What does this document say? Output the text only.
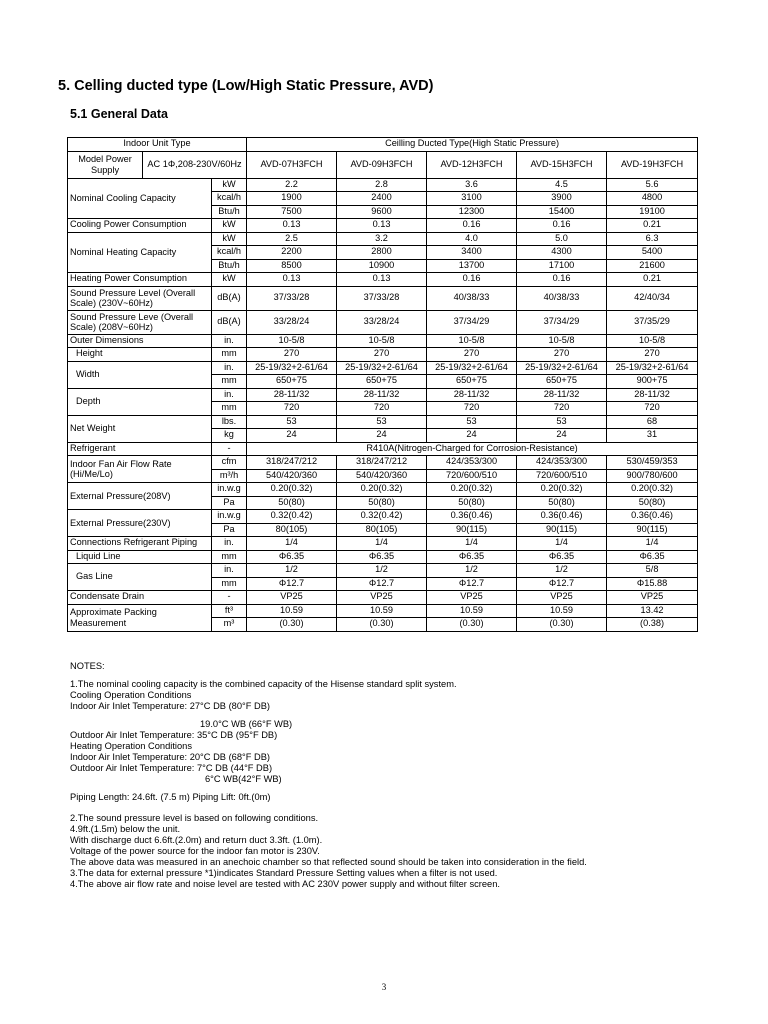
5. Celling ducted type (Low/High Static Pressure, AVD)
5.1 General Data
Indoor Unit Type			Ceilling Ducted Type(High Static Pressure)				
Model Power Supply	AC 1Φ,208-230V/60Hz		AVD-07H3FCH	AVD-09H3FCH	AVD-12H3FCH	AVD-15H3FCH	AVD-19H3FCH
Nominal Cooling Capacity		kW	2.2	2.8	3.6	4.5	5.6
		kcal/h	1900	2400	3100	3900	4800
		Btu/h	7500	9600	12300	15400	19100
Cooling Power Consumption		kW	0.13	0.13	0.16	0.16	0.21
Nominal Heating Capacity		kW	2.5	3.2	4.0	5.0	6.3
		kcal/h	2200	2800	3400	4300	5400
		Btu/h	8500	10900	13700	17100	21600
Heating Power Consumption		kW	0.13	0.13	0.16	0.16	0.21
Sound Pressure Level (Overall Scale) (230V~60Hz)		dB(A)	37/33/28	37/33/28	40/38/33	40/38/33	42/40/34
Sound Pressure Leve (Overall Scale) (208V~60Hz)		dB(A)	33/28/24	33/28/24	37/34/29	37/34/29	37/35/29
Outer Dimensions		in.	10-5/8	10-5/8	10-5/8	10-5/8	10-5/8
Height		mm	270	270	270	270	270
Width		in.	25-19/32+2-61/64	25-19/32+2-61/64	25-19/32+2-61/64	25-19/32+2-61/64	25-19/32+2-61/64
		mm	650+75	650+75	650+75	650+75	900+75
Depth		in.	28-11/32	28-11/32	28-11/32	28-11/32	28-11/32
		mm	720	720	720	720	720
Net Weight		lbs.	53	53	53	53	68
		kg	24	24	24	24	31
Refrigerant		-	R410A(Nitrogen-Charged for Corrosion-Resistance)				
Indoor Fan Air Flow Rate (Hi/Me/Lo)		cfm	318/247/212	318/247/212	424/353/300	424/353/300	530/459/353
		m³/h	540/420/360	540/420/360	720/600/510	720/600/510	900/780/600
External Pressure(208V)		in.w.g	0.20(0.32)	0.20(0.32)	0.20(0.32)	0.20(0.32)	0.20(0.32)
		Pa	50(80)	50(80)	50(80)	50(80)	50(80)
External Pressure(230V)		in.w.g	0.32(0.42)	0.32(0.42)	0.36(0.46)	0.36(0.46)	0.36(0.46)
		Pa	80(105)	80(105)	90(115)	90(115)	90(115)
Connections Refrigerant Piping		in.	1/4	1/4	1/4	1/4	1/4
Liquid Line		mm	Φ6.35	Φ6.35	Φ6.35	Φ6.35	Φ6.35
Gas Line		in.	1/2	1/2	1/2	1/2	5/8
		mm	Φ12.7	Φ12.7	Φ12.7	Φ12.7	Φ15.88
Condensate Drain		-	VP25	VP25	VP25	VP25	VP25
Approximate Packing Measurement		ft³	10.59	10.59	10.59	10.59	13.42
		m³	(0.30)	(0.30)	(0.30)	(0.30)	(0.38)
NOTES:
1.The nominal cooling capacity is the combined capacity of the Hisense standard split system.
Cooling Operation Conditions
Indoor Air Inlet Temperature: 27°C DB (80°F DB)
19.0°C WB (66°F WB)
Outdoor Air Inlet Temperature: 35°C DB (95°F DB)
Heating Operation Conditions
Indoor Air Inlet Temperature: 20°C DB (68°F DB)
Outdoor Air Inlet Temperature: 7°C DB (44°F DB)
6°C WB(42°F WB)
Piping Length: 24.6ft. (7.5 m) Piping Lift: 0ft.(0m)
2.The sound pressure level is based on following conditions.
4.9ft.(1.5m) below the unit.
With discharge duct 6.6ft.(2.0m) and return duct 3.3ft. (1.0m).
Voltage of the power source for the indoor fan motor is 230V.
The above data was measured in an anechoic chamber so that reflected sound should be taken into consideration in the field.
3.The data for external pressure *1)indicates Standard Pressure Setting values when a filter is not used.
4.The above air flow rate and noise level are tested with AC 230V power supply and without filter screen.
3
